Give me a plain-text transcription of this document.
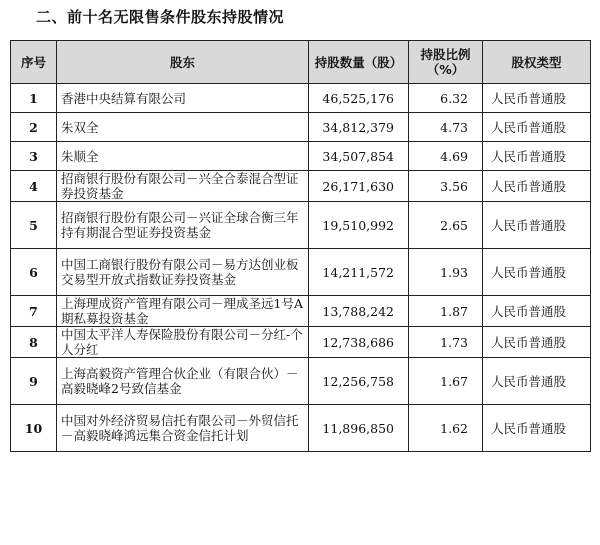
二、前十名无限售条件股东持股情况
序号	股东	持股数量（股）	持股比例（%）	股权类型
1	香港中央结算有限公司	46,525,176	6.32	人民币普通股
2	朱双全	34,812,379	4.73	人民币普通股
3	朱顺全	34,507,854	4.69	人民币普通股
4	招商银行股份有限公司－兴全合泰混合型证券投资基金	26,171,630	3.56	人民币普通股
5	招商银行股份有限公司－兴证全球合衡三年持有期混合型证券投资基金	19,510,992	2.65	人民币普通股
6	中国工商银行股份有限公司－易方达创业板交易型开放式指数证券投资基金	14,211,572	1.93	人民币普通股
7	上海理成资产管理有限公司－理成圣远1号A期私募投资基金	13,788,242	1.87	人民币普通股
8	中国太平洋人寿保险股份有限公司－分红-个人分红	12,738,686	1.73	人民币普通股
9	上海高毅资产管理合伙企业（有限合伙）－高毅晓峰2号致信基金	12,256,758	1.67	人民币普通股
10	中国对外经济贸易信托有限公司－外贸信托－高毅晓峰鸿远集合资金信托计划	11,896,850	1.62	人民币普通股
